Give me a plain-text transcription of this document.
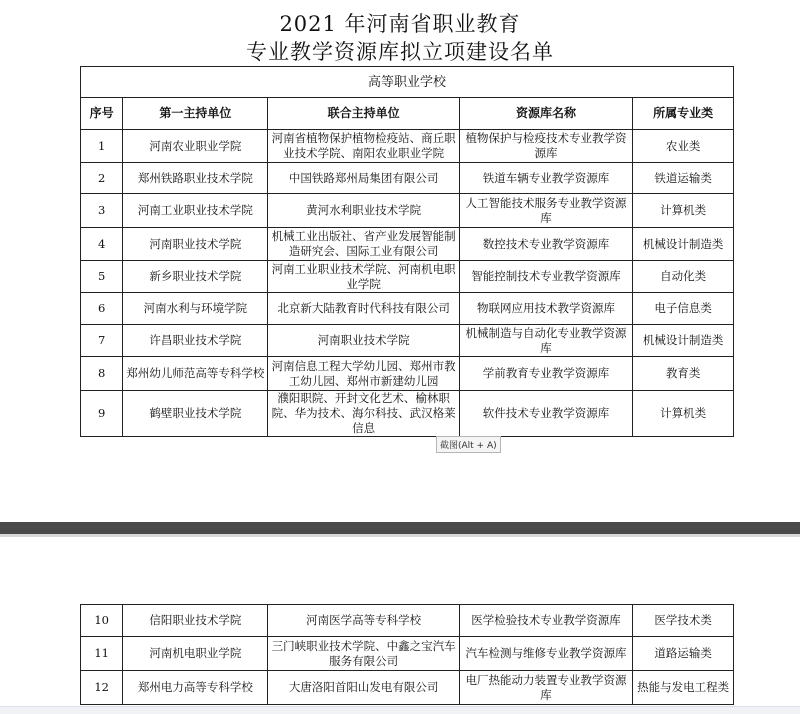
2021 年河南省职业教育
专业教学资源库拟立项建设名单
高等职业学校				
序号	第一主持单位	联合主持单位	资源库名称	所属专业类
1	河南农业职业学院	河南省植物保护植物检疫站、商丘职业技术学院、南阳农业职业学院	植物保护与检疫技术专业教学资源库	农业类
2	郑州铁路职业技术学院	中国铁路郑州局集团有限公司	铁道车辆专业教学资源库	铁道运输类
3	河南工业职业技术学院	黄河水利职业技术学院	人工智能技术服务专业教学资源库	计算机类
4	河南职业技术学院	机械工业出版社、省产业发展智能制造研究会、国际工业有限公司	数控技术专业教学资源库	机械设计制造类
5	新乡职业技术学院	河南工业职业技术学院、河南机电职业学院	智能控制技术专业教学资源库	自动化类
6	河南水利与环境学院	北京新大陆教育时代科技有限公司	物联网应用技术教学资源库	电子信息类
7	许昌职业技术学院	河南职业技术学院	机械制造与自动化专业教学资源库	机械设计制造类
8	郑州幼儿师范高等专科学校	河南信息工程大学幼儿园、郑州市教工幼儿园、郑州市新建幼儿园	学前教育专业教学资源库	教育类
9	鹤壁职业技术学院	濮阳职院、开封文化艺术、榆林职院、华为技术、海尔科技、武汉格莱信息	软件技术专业教学资源库	计算机类
截图(Alt + A)
10	信阳职业技术学院	河南医学高等专科学校	医学检验技术专业教学资源库	医学技术类
11	河南机电职业学院	三门峡职业技术学院、中鑫之宝汽车服务有限公司	汽车检测与维修专业教学资源库	道路运输类
12	郑州电力高等专科学校	大唐洛阳首阳山发电有限公司	电厂热能动力装置专业教学资源库	热能与发电工程类
